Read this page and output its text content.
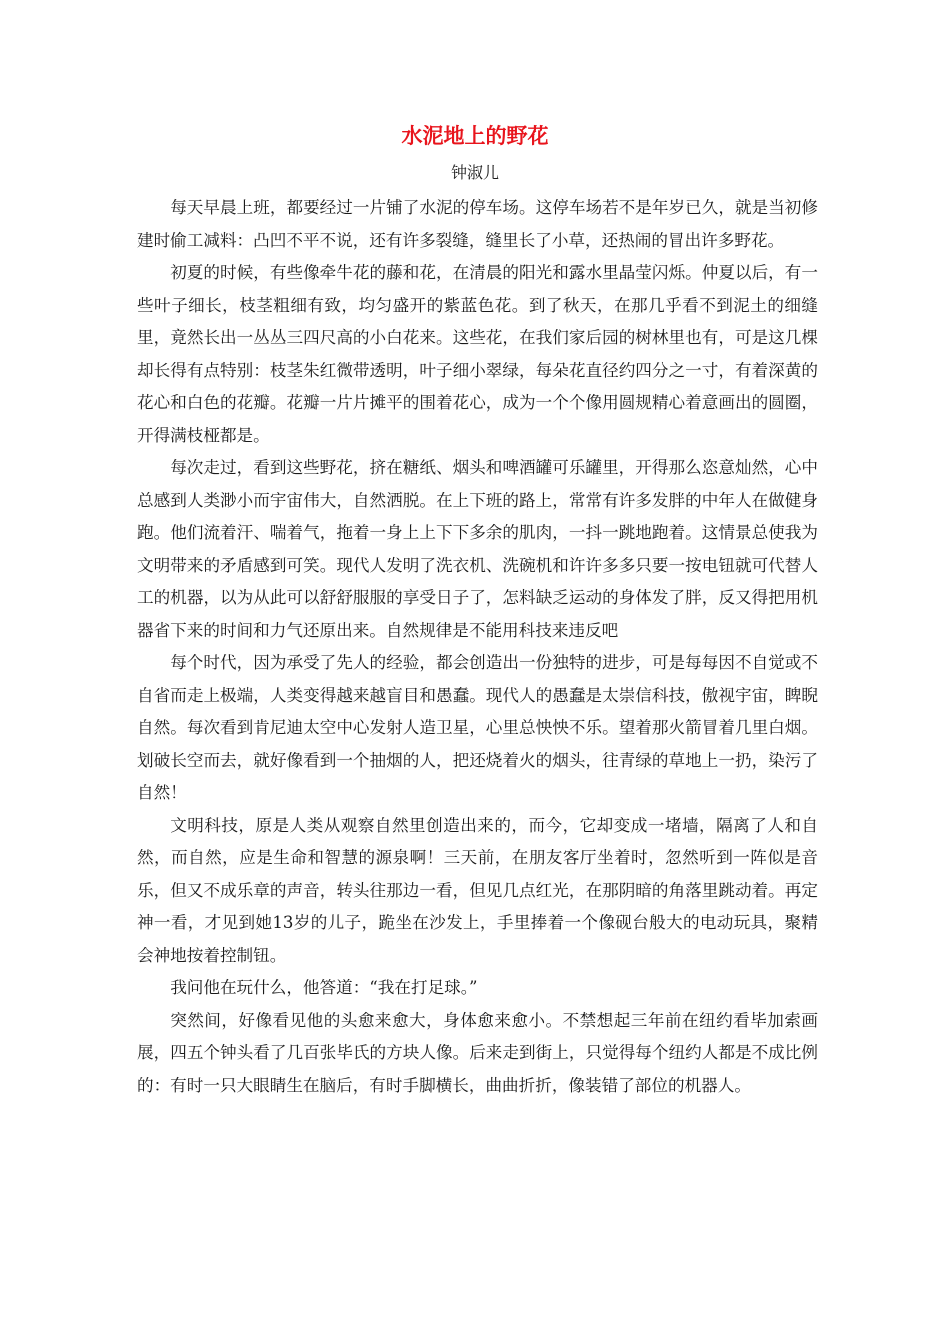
水泥地上的野花
钟淑儿

每天早晨上班，都要经过一片铺了水泥的停车场。这停车场若不是年岁已久，就是当初修建时偷工减料：凸凹不平不说，还有许多裂缝，缝里长了小草，还热闹的冒出许多野花。

初夏的时候，有些像牵牛花的藤和花，在清晨的阳光和露水里晶莹闪烁。仲夏以后，有一些叶子细长，枝茎粗细有致，均匀盛开的紫蓝色花。到了秋天，在那几乎看不到泥土的细缝里，竟然长出一丛丛三四尺高的小白花来。这些花，在我们家后园的树林里也有，可是这几棵却长得有点特别：枝茎朱红微带透明，叶子细小翠绿，每朵花直径约四分之一寸，有着深黄的花心和白色的花瓣。花瓣一片片摊平的围着花心，成为一个个像用圆规精心着意画出的圆圈，开得满枝桠都是。

每次走过，看到这些野花，挤在糖纸、烟头和啤酒罐可乐罐里，开得那么恣意灿然，心中总感到人类渺小而宇宙伟大，自然洒脱。在上下班的路上，常常有许多发胖的中年人在做健身跑。他们流着汗、喘着气，拖着一身上上下下多余的肌肉，一抖一跳地跑着。这情景总使我为文明带来的矛盾感到可笑。现代人发明了洗衣机、洗碗机和许许多多只要一按电钮就可代替人工的机器，以为从此可以舒舒服服的享受日子了，怎料缺乏运动的身体发了胖，反又得把用机器省下来的时间和力气还原出来。自然规律是不能用科技来违反吧

每个时代，因为承受了先人的经验，都会创造出一份独特的进步，可是每每因不自觉或不自省而走上极端，人类变得越来越盲目和愚蠢。现代人的愚蠢是太崇信科技，傲视宇宙，睥睨自然。每次看到肯尼迪太空中心发射人造卫星，心里总怏怏不乐。望着那火箭冒着几里白烟。划破长空而去，就好像看到一个抽烟的人，把还烧着火的烟头，往青绿的草地上一扔，染污了自然！

文明科技，原是人类从观察自然里创造出来的，而今，它却变成一堵墙，隔离了人和自然，而自然，应是生命和智慧的源泉啊！三天前，在朋友客厅坐着时，忽然听到一阵似是音乐，但又不成乐章的声音，转头往那边一看，但见几点红光，在那阴暗的角落里跳动着。再定神一看，才见到她13岁的儿子，跪坐在沙发上，手里捧着一个像砚台般大的电动玩具，聚精会神地按着控制钮。

我问他在玩什么，他答道：“我在打足球。”

突然间，好像看见他的头愈来愈大，身体愈来愈小。不禁想起三年前在纽约看毕加索画展，四五个钟头看了几百张毕氏的方块人像。后来走到街上，只觉得每个纽约人都是不成比例的：有时一只大眼睛生在脑后，有时手脚横长，曲曲折折，像装错了部位的机器人。
